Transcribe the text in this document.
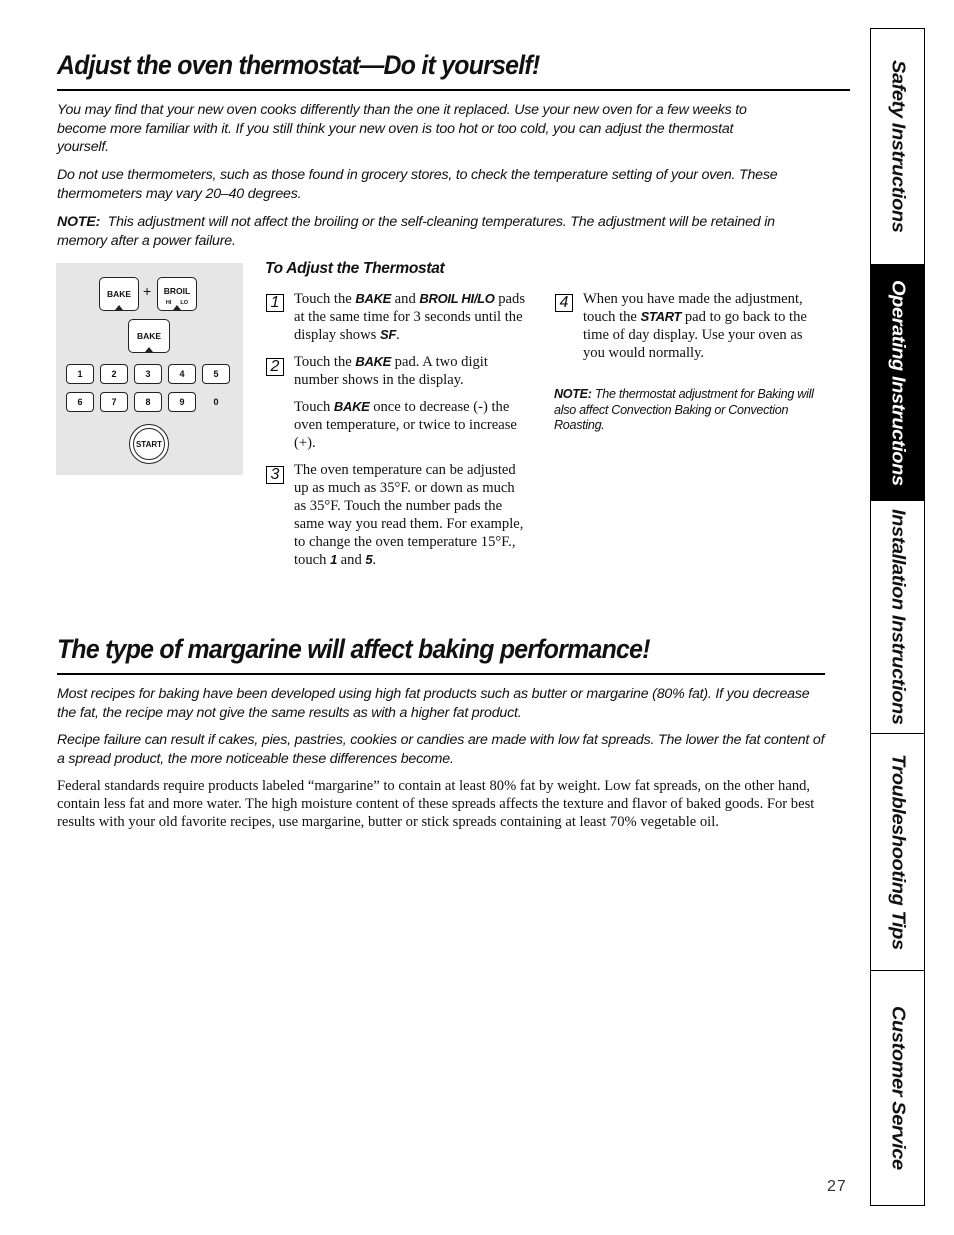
Adjust the oven thermostat—Do it yourself!

You may find that your new oven cooks differently than the one it replaced. Use your new oven for a few weeks to become more familiar with it. If you still think your new oven is too hot or too cold, you can adjust the thermostat yourself.

Do not use thermometers, such as those found in grocery stores, to check the temperature setting of your oven. These thermometers may vary 20–40 degrees.

NOTE: This adjustment will not affect the broiling or the self-cleaning temperatures. The adjustment will be retained in memory after a power failure.

BAKE + BROIL
HI LO
BAKE
1	2	3	4	5
6	7	8	9	0
START

To Adjust the Thermostat

1 Touch the BAKE and BROIL HI/LO pads at the same time for 3 seconds until the display shows SF.

2 Touch the BAKE pad. A two digit number shows in the display.

Touch BAKE once to decrease (-) the oven temperature, or twice to increase (+).

3 The oven temperature can be adjusted up as much as 35°F. or down as much as 35°F. Touch the number pads the same way you read them. For example, to change the oven temperature 15°F., touch 1 and 5.

4 When you have made the adjustment, touch the START pad to go back to the time of day display. Use your oven as you would normally.

NOTE: The thermostat adjustment for Baking will also affect Convection Baking or Convection Roasting.

The type of margarine will affect baking performance!

Most recipes for baking have been developed using high fat products such as butter or margarine (80% fat). If you decrease the fat, the recipe may not give the same results as with a higher fat product.

Recipe failure can result if cakes, pies, pastries, cookies or candies are made with low fat spreads. The lower the fat content of a spread product, the more noticeable these differences become.

Federal standards require products labeled “margarine” to contain at least 80% fat by weight. Low fat spreads, on the other hand, contain less fat and more water. The high moisture content of these spreads affects the texture and flavor of baked goods. For best results with your old favorite recipes, use margarine, butter or stick spreads containing at least 70% vegetable oil.

Safety Instructions
Operating Instructions
Installation Instructions
Troubleshooting Tips
Customer Service

27
